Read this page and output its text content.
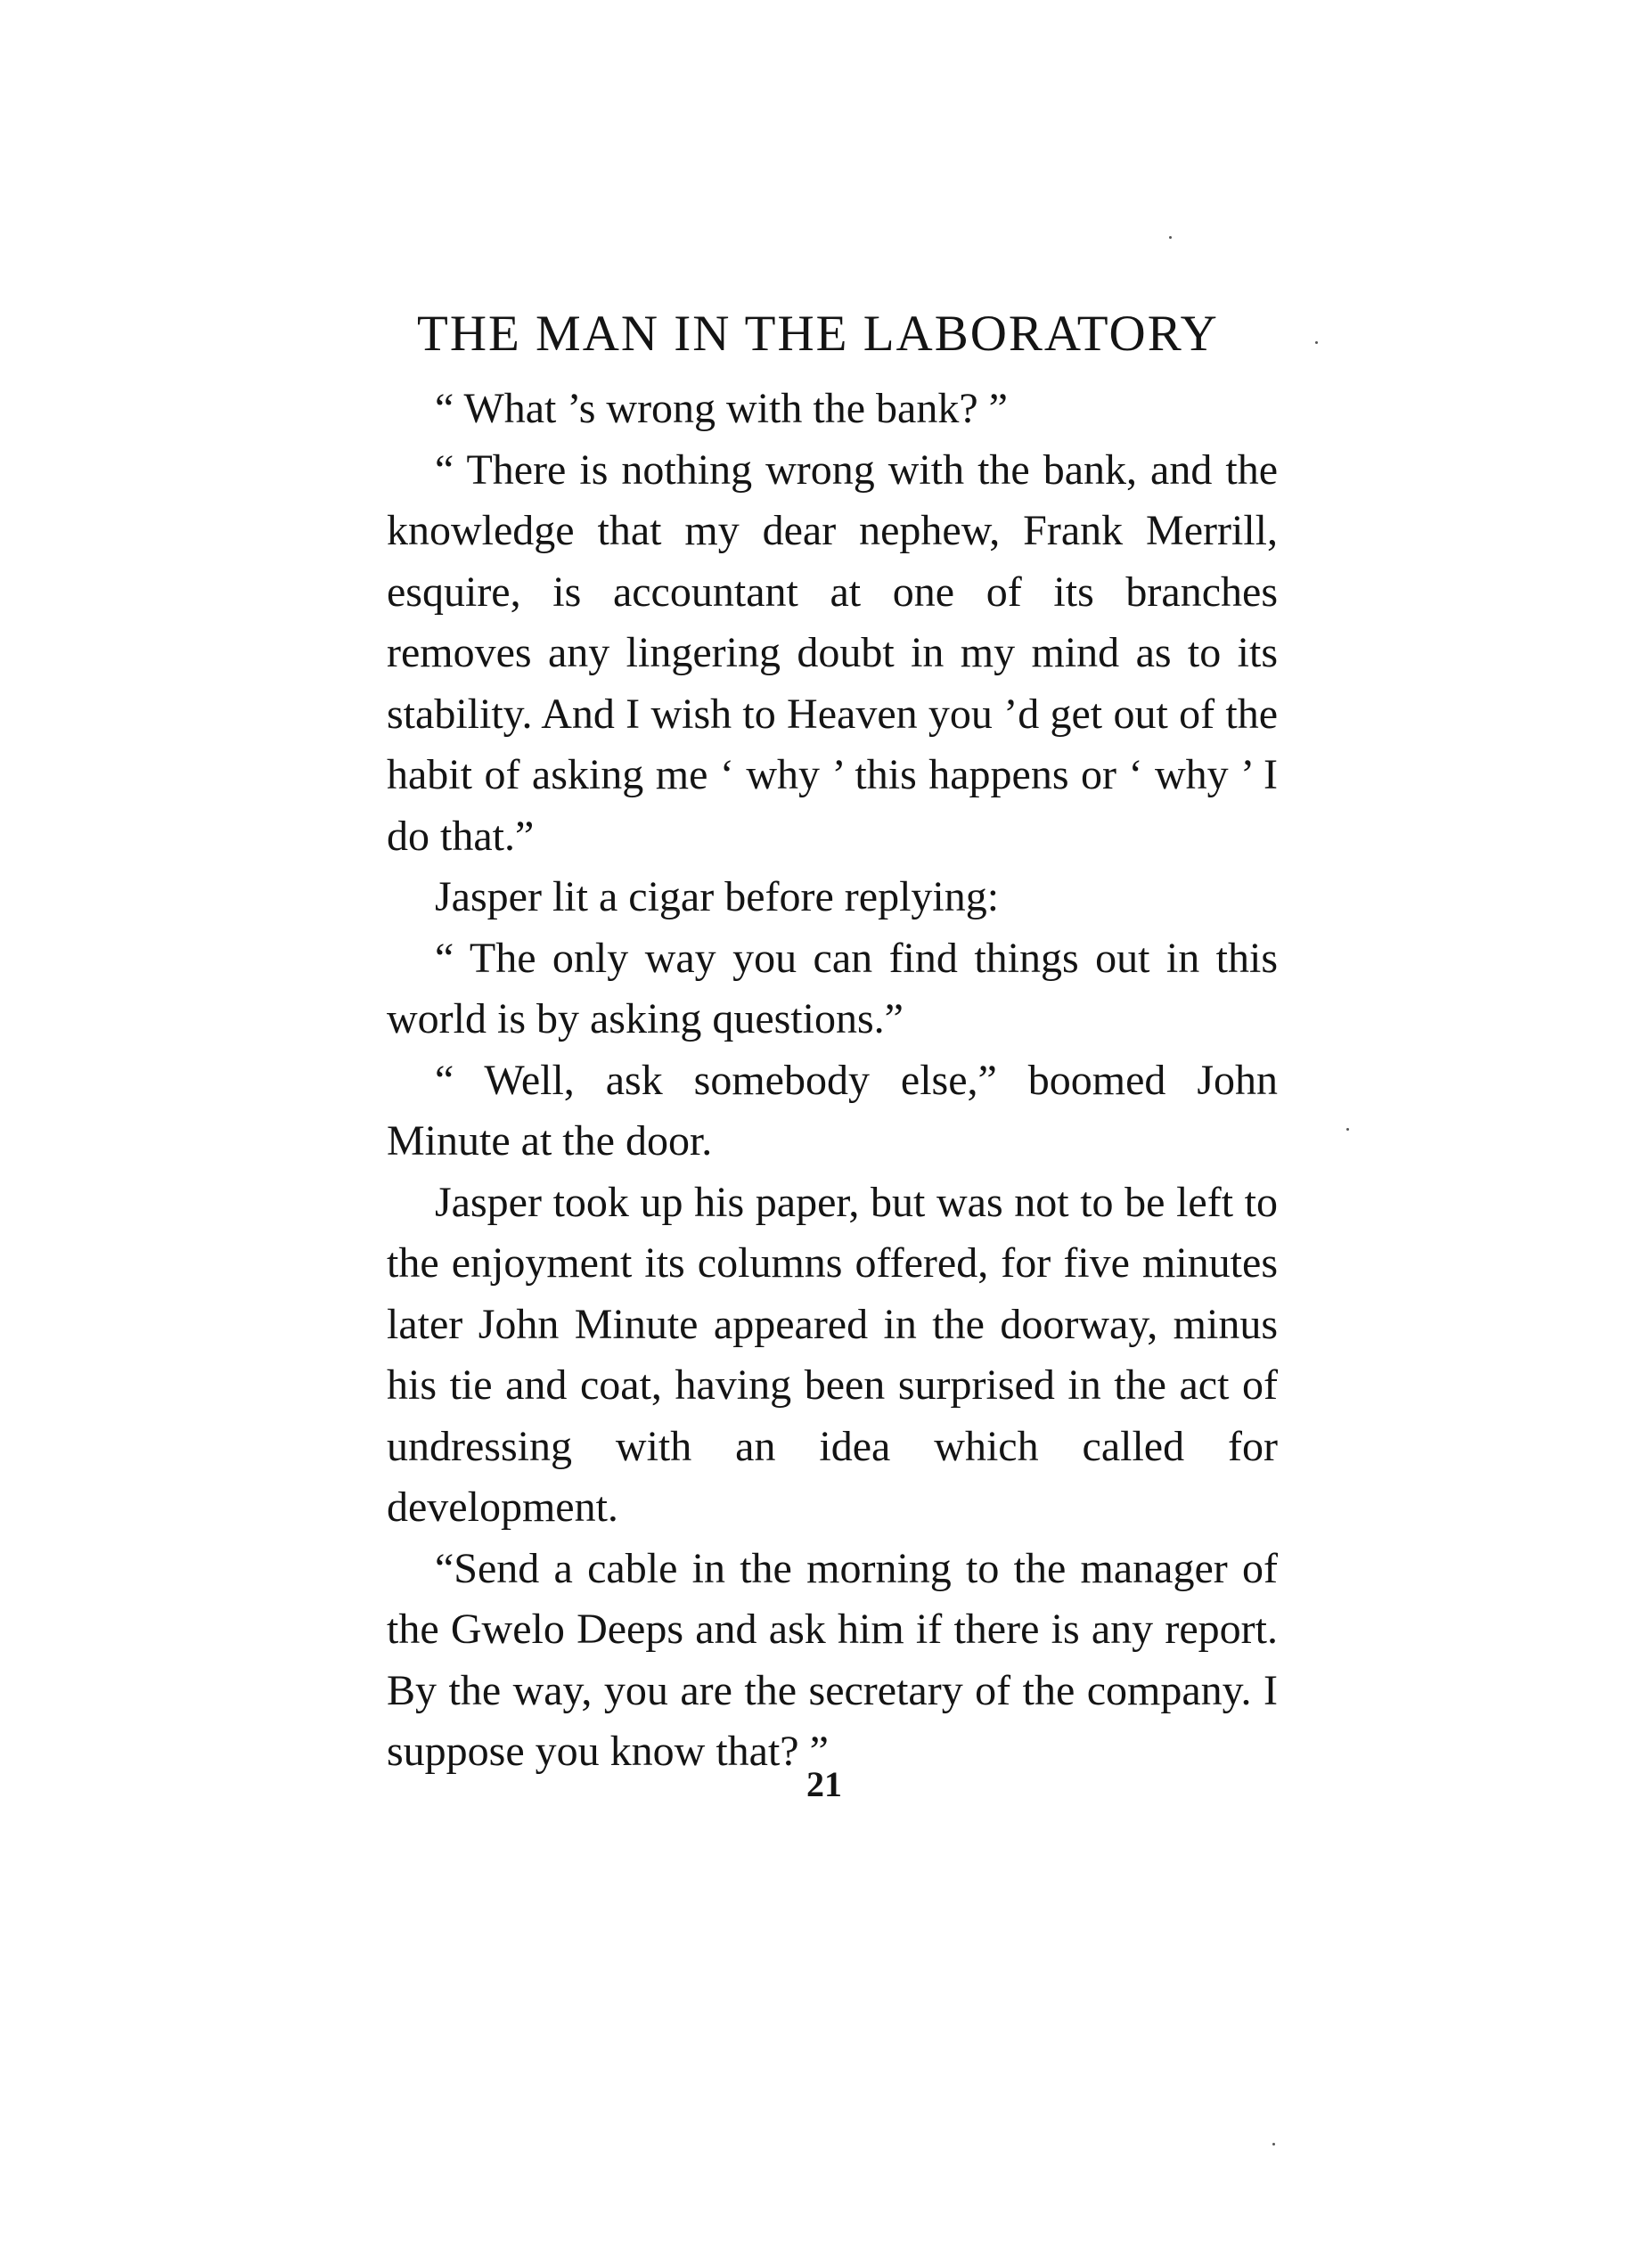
THE MAN IN THE LABORATORY

“ What ’s wrong with the bank? ”

“ There is nothing wrong with the bank, and the knowledge that my dear nephew, Frank Merrill, esquire, is accountant at one of its branches removes any lingering doubt in my mind as to its stability. And I wish to Heaven you ’d get out of the habit of asking me ‘ why ’ this happens or ‘ why ’ I do that.”

Jasper lit a cigar before replying:

“ The only way you can find things out in this world is by asking questions.”

“ Well, ask somebody else,” boomed John Minute at the door.

Jasper took up his paper, but was not to be left to the enjoyment its columns offered, for five minutes later John Minute appeared in the doorway, minus his tie and coat, having been surprised in the act of undressing with an idea which called for development.

“Send a cable in the morning to the manager of the Gwelo Deeps and ask him if there is any report. By the way, you are the secretary of the company. I suppose you know that? ”

21
